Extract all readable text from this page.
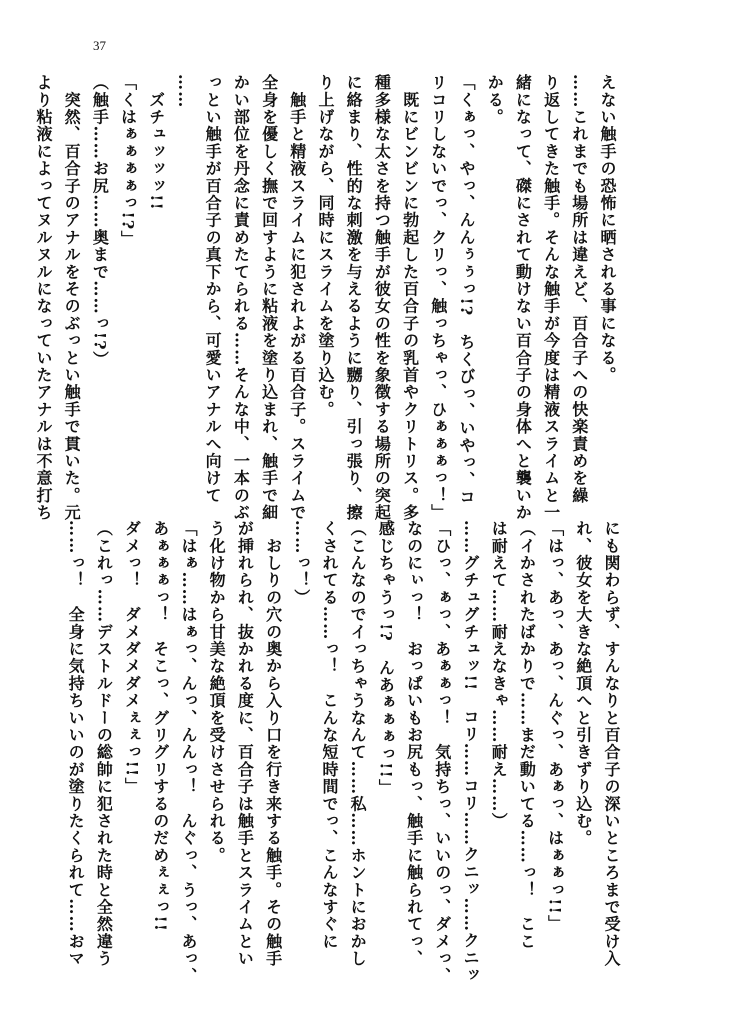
37
えない触手の恐怖に晒される事になる。
……これまでも場所は違えど、百合子への快楽責めを繰
り返してきた触手。そんな触手が今度は精液スライムと一
緒になって、磔にされて動けない百合子の身体へと襲いか
かる。
「くぁっ、やっ、んんぅぅっ!?　ちくびっ、いやっ、コ
リコリしないでっ、クリっ、触っちゃっ、ひぁぁぁっ！」
　既にビンビンに勃起した百合子の乳首やクリトリス。多
種多様な太さを持つ触手が彼女の性を象徴する場所の突起
に絡まり、性的な刺激を与えるように嬲り、引っ張り、擦
り上げながら、同時にスライムを塗り込む。
　触手と精液スライムに犯されよがる百合子。スライムで
全身を優しく撫で回すように粘液を塗り込まれ、触手で細
かい部位を丹念に責めたてられる……そんな中、一本のぶ
っとい触手が百合子の真下から、可愛いアナルへ向けて
……
　ズチュッッッ!!
「くはぁぁぁぁっ!?」
（触手……お尻……奥まで……っ!?）
　突然、百合子のアナルをそのぶっとい触手で貫いた。元
より粘液によってヌルヌルになっていたアナルは不意打ち
にも関わらず、すんなりと百合子の深いところまで受け入
れ、彼女を大きな絶頂へと引きずり込む。
「はっ、あっ、あっ、んぐっ、あぁっ、はぁぁっ!!」
（イかされたばかりで……まだ動いてる……っ！　ここ
は耐えて……耐えなきゃ……耐え……）
……グチュグチュッ!!　コリ……コリ……クニッ……クニッ
「ひっ、ぁっ、あぁぁっ！　気持ちっ、いいのっ、ダメっ、
なのにぃっ！　おっぱいもお尻もっ、触手に触られてっ、
感じちゃうっ!?　んあぁぁぁっ!!」
（こんなのでイっちゃうなんて……私……ホントにおかし
くされてる……っ！　こんな短時間でっ、こんなすぐに
……っ！）
　おしりの穴の奥から入り口を行き来する触手。その触手
が挿れられ、抜かれる度に、百合子は触手とスライムとい
う化け物から甘美な絶頂を受けさせられる。
「はぁ……はぁっ、んっ、んんっ！　んぐっ、うっ、あっ、
あぁぁぁっ！　そこっ、グリグリするのだめぇぇっ!!
ダメっ！　ダメダメダメぇぇっ!!」
（これっ……デストルドーの総帥に犯された時と全然違う
……っ！　全身に気持ちいいのが塗りたくられて……おマ
